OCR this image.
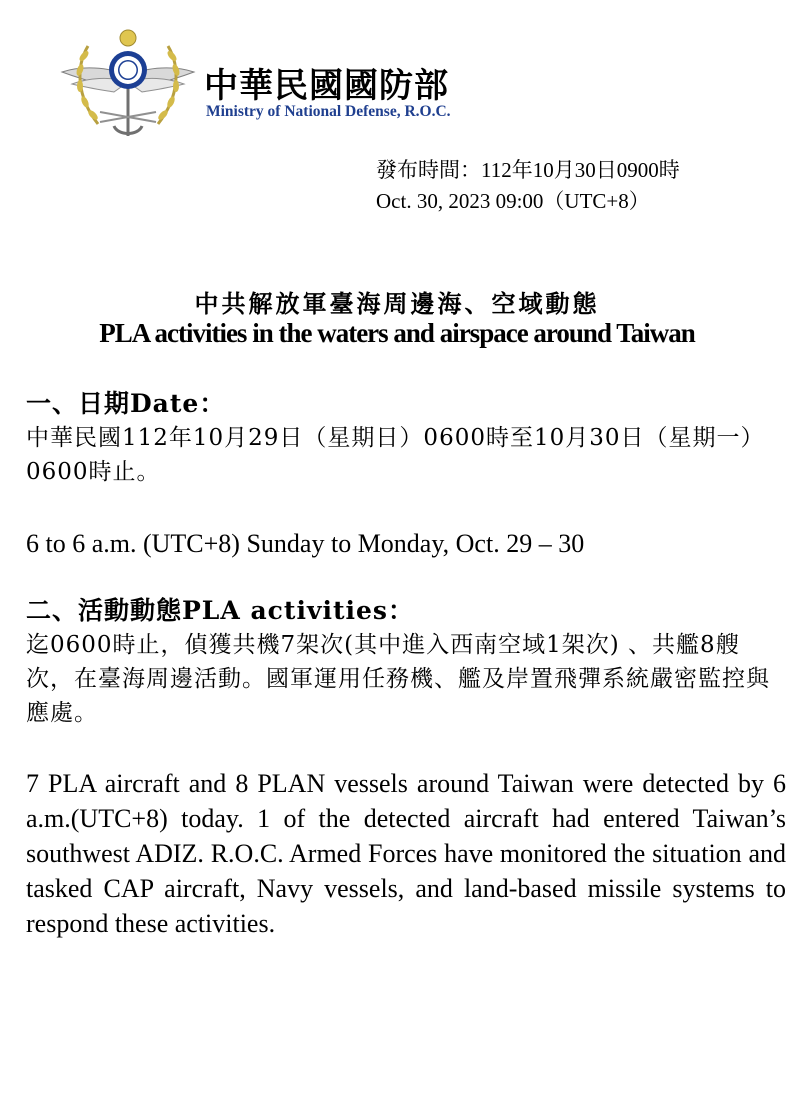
中華民國國防部
Ministry of National Defense, R.O.C.
發布時間：112年10月30日0900時
Oct. 30, 2023 09:00（UTC+8）
中共解放軍臺海周邊海、空域動態
PLA activities in the waters and airspace around Taiwan
一、日期Date：
中華民國112年10月29日（星期日）0600時至10月30日（星期一）0600時止。
6 to 6 a.m. (UTC+8) Sunday to Monday, Oct. 29 – 30
二、活動動態PLA activities：
迄0600時止，偵獲共機7架次(其中進入西南空域1架次) 、共艦8艘次，在臺海周邊活動。國軍運用任務機、艦及岸置飛彈系統嚴密監控與應處。
7 PLA aircraft and 8 PLAN vessels around Taiwan were detected by 6 a.m.(UTC+8) today. 1 of the detected aircraft had entered Taiwan’s southwest ADIZ. R.O.C. Armed Forces have monitored the situation and tasked CAP aircraft, Navy vessels, and land-based missile systems to respond these activities.
